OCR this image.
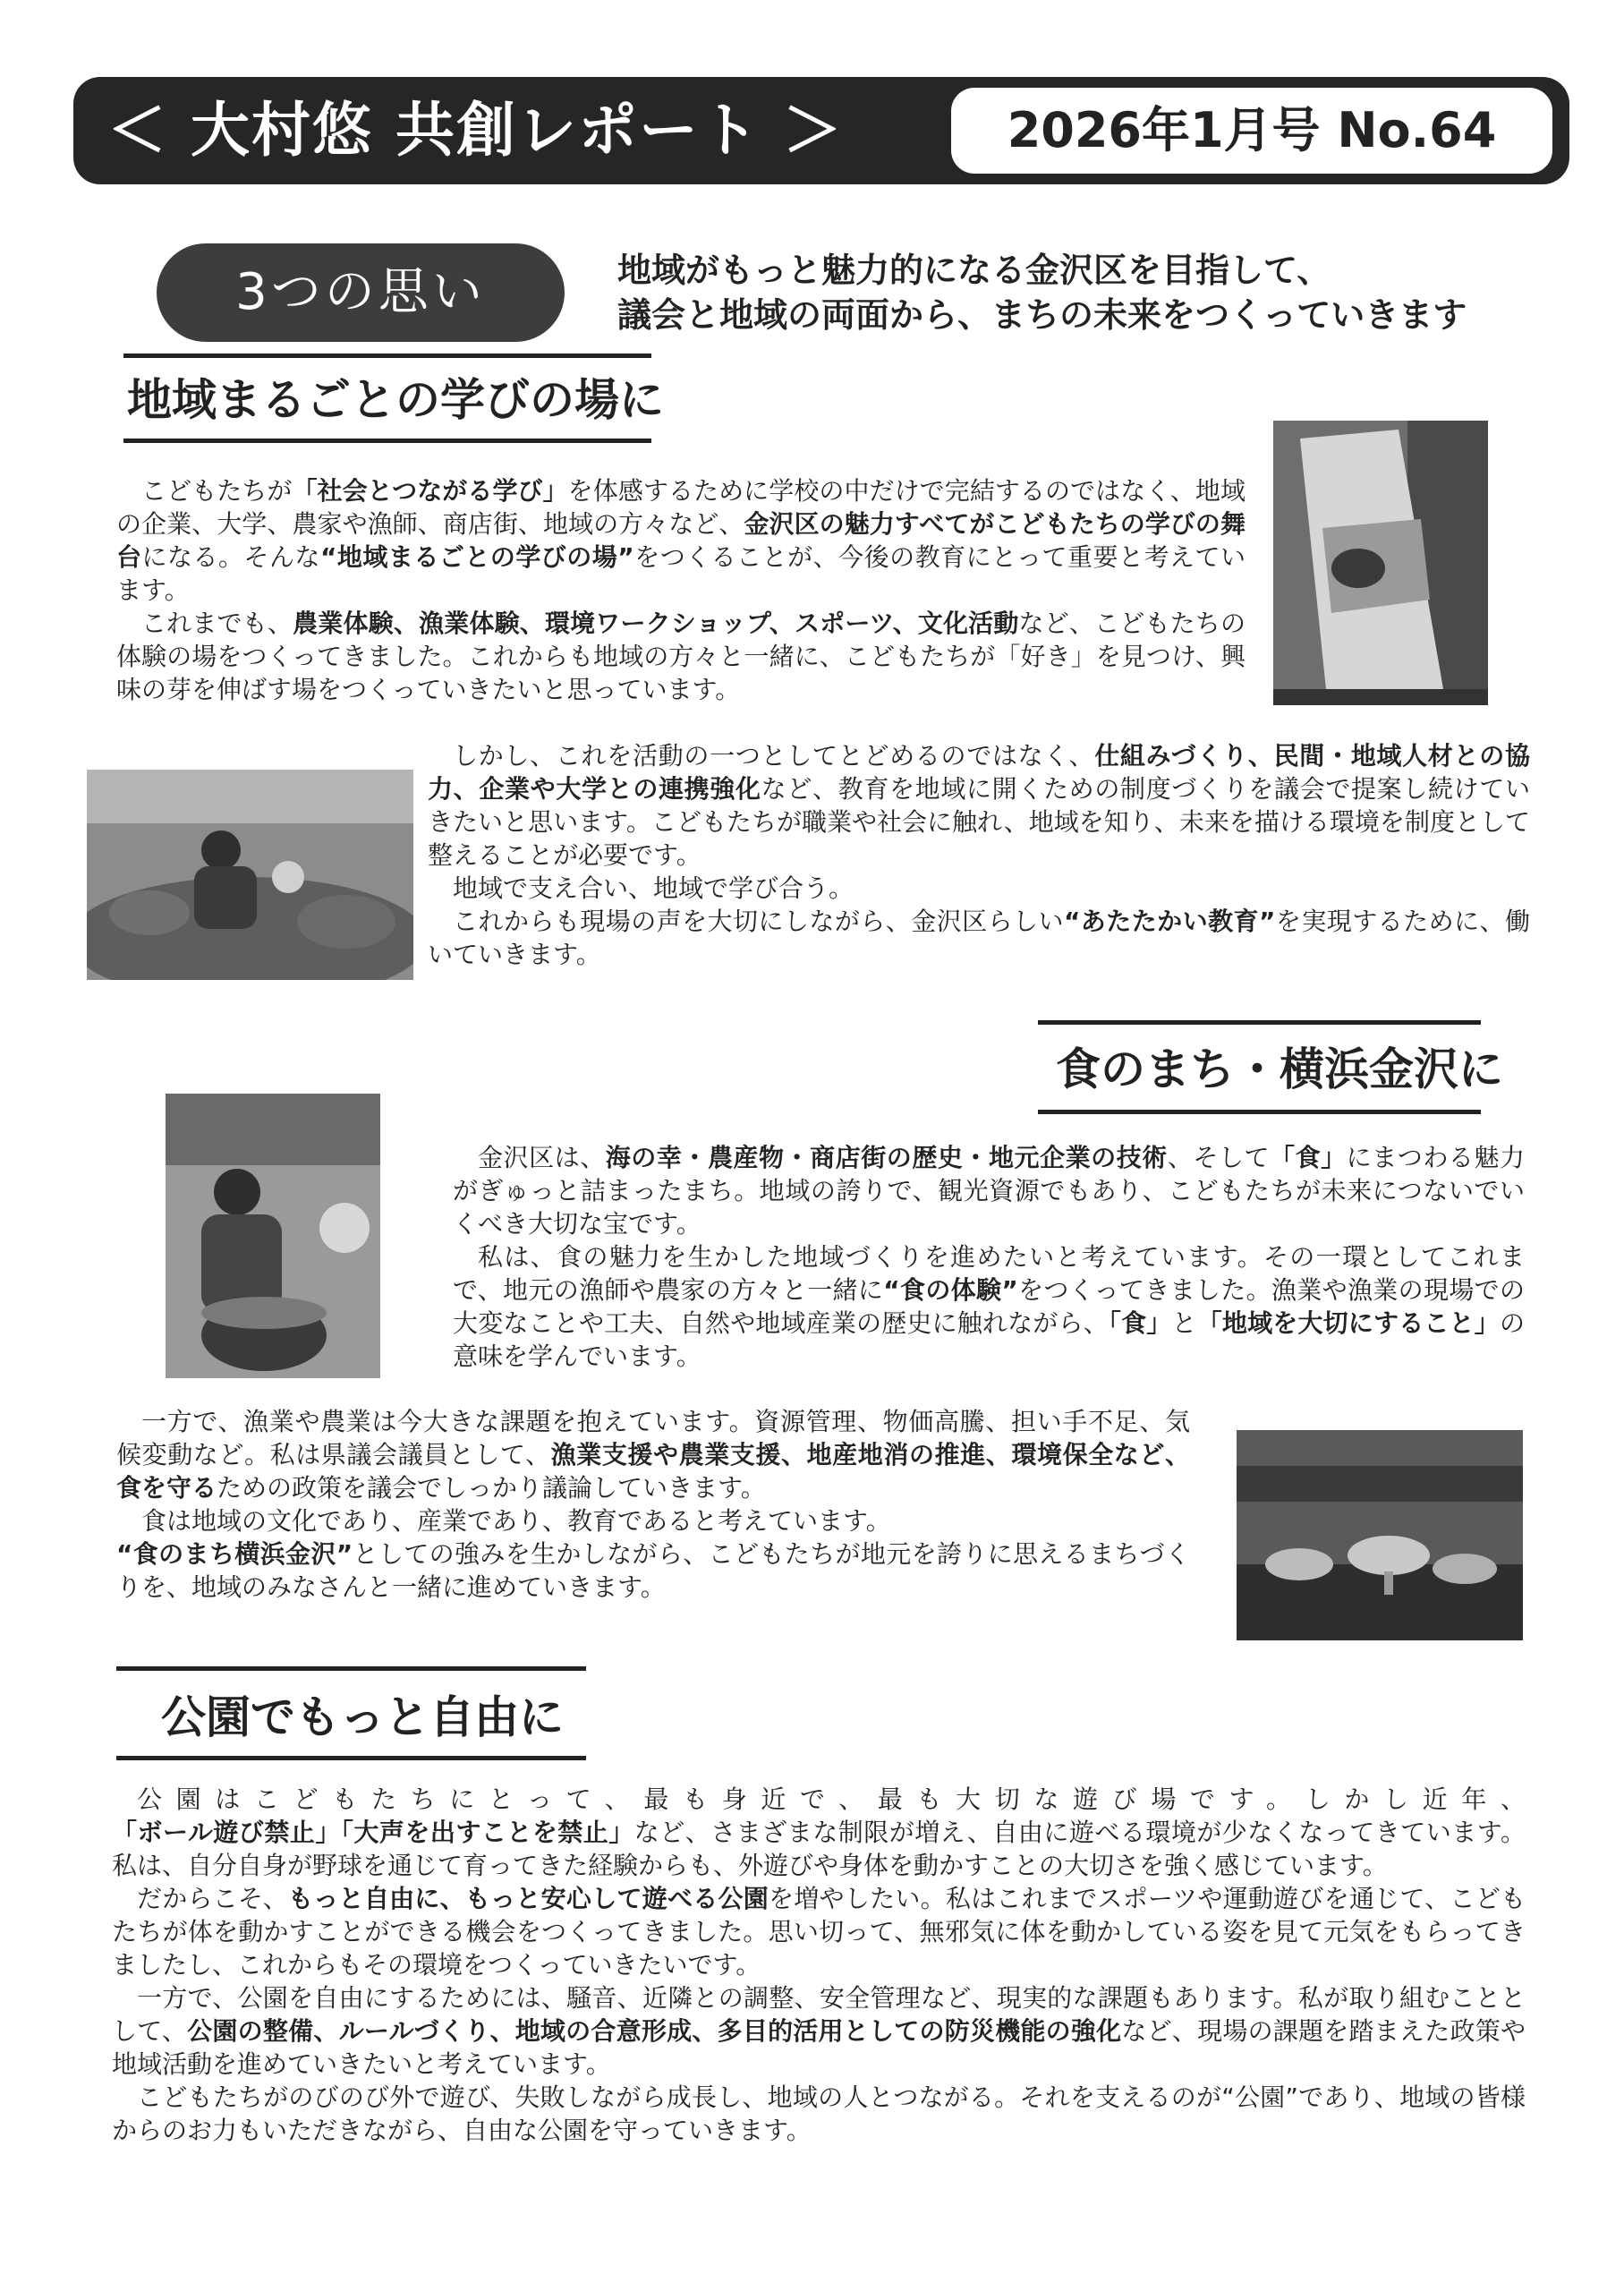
＜ 大村悠 共創レポート ＞	2026年1月号 No.64
3つの思い	地域がもっと魅力的になる金沢区を目指して、
議会と地域の両面から、まちの未来をつくっていきます
地域まるごとの学びの場に

こどもたちが「社会とつながる学び」を体感するために学校の中だけで完結するのではなく、地域の企業、大学、農家や漁師、商店街、地域の方々など、金沢区の魅力すべてがこどもたちの学びの舞台になる。そんな“地域まるごとの学びの場”をつくることが、今後の教育にとって重要と考えています。

これまでも、農業体験、漁業体験、環境ワークショップ、スポーツ、文化活動など、こどもたちの体験の場をつくってきました。これからも地域の方々と一緒に、こどもたちが「好き」を見つけ、興味の芽を伸ばす場をつくっていきたいと思っています。

しかし、これを活動の一つとしてとどめるのではなく、仕組みづくり、民間・地域人材との協力、企業や大学との連携強化など、教育を地域に開くための制度づくりを議会で提案し続けていきたいと思います。こどもたちが職業や社会に触れ、地域を知り、未来を描ける環境を制度として整えることが必要です。

地域で支え合い、地域で学び合う。

これからも現場の声を大切にしながら、金沢区らしい“あたたかい教育”を実現するために、働いていきます。

食のまち・横浜金沢に

金沢区は、海の幸・農産物・商店街の歴史・地元企業の技術、そして「食」にまつわる魅力がぎゅっと詰まったまち。地域の誇りで、観光資源でもあり、こどもたちが未来につないでいくべき大切な宝です。

私は、食の魅力を生かした地域づくりを進めたいと考えています。その一環としてこれまで、地元の漁師や農家の方々と一緒に“食の体験”をつくってきました。漁業や漁業の現場での大変なことや工夫、自然や地域産業の歴史に触れながら、「食」と「地域を大切にすること」の意味を学んでいます。

一方で、漁業や農業は今大きな課題を抱えています。資源管理、物価高騰、担い手不足、気候変動など。私は県議会議員として、漁業支援や農業支援、地産地消の推進、環境保全など、食を守るための政策を議会でしっかり議論していきます。

食は地域の文化であり、産業であり、教育であると考えています。

“食のまち横浜金沢”としての強みを生かしながら、こどもたちが地元を誇りに思えるまちづくりを、地域のみなさんと一緒に進めていきます。

公園でもっと自由に

公園はこどもたちにとって、最も身近で、最も大切な遊び場です。しかし近年、「ボール遊び禁止」「大声を出すことを禁止」など、さまざまな制限が増え、自由に遊べる環境が少なくなってきています。私は、自分自身が野球を通じて育ってきた経験からも、外遊びや身体を動かすことの大切さを強く感じています。

だからこそ、もっと自由に、もっと安心して遊べる公園を増やしたい。私はこれまでスポーツや運動遊びを通じて、こどもたちが体を動かすことができる機会をつくってきました。思い切って、無邪気に体を動かしている姿を見て元気をもらってきましたし、これからもその環境をつくっていきたいです。

一方で、公園を自由にするためには、騒音、近隣との調整、安全管理など、現実的な課題もあります。私が取り組むこととして、公園の整備、ルールづくり、地域の合意形成、多目的活用としての防災機能の強化など、現場の課題を踏まえた政策や地域活動を進めていきたいと考えています。

こどもたちがのびのび外で遊び、失敗しながら成長し、地域の人とつながる。それを支えるのが“公園”であり、地域の皆様からのお力もいただきながら、自由な公園を守っていきます。
